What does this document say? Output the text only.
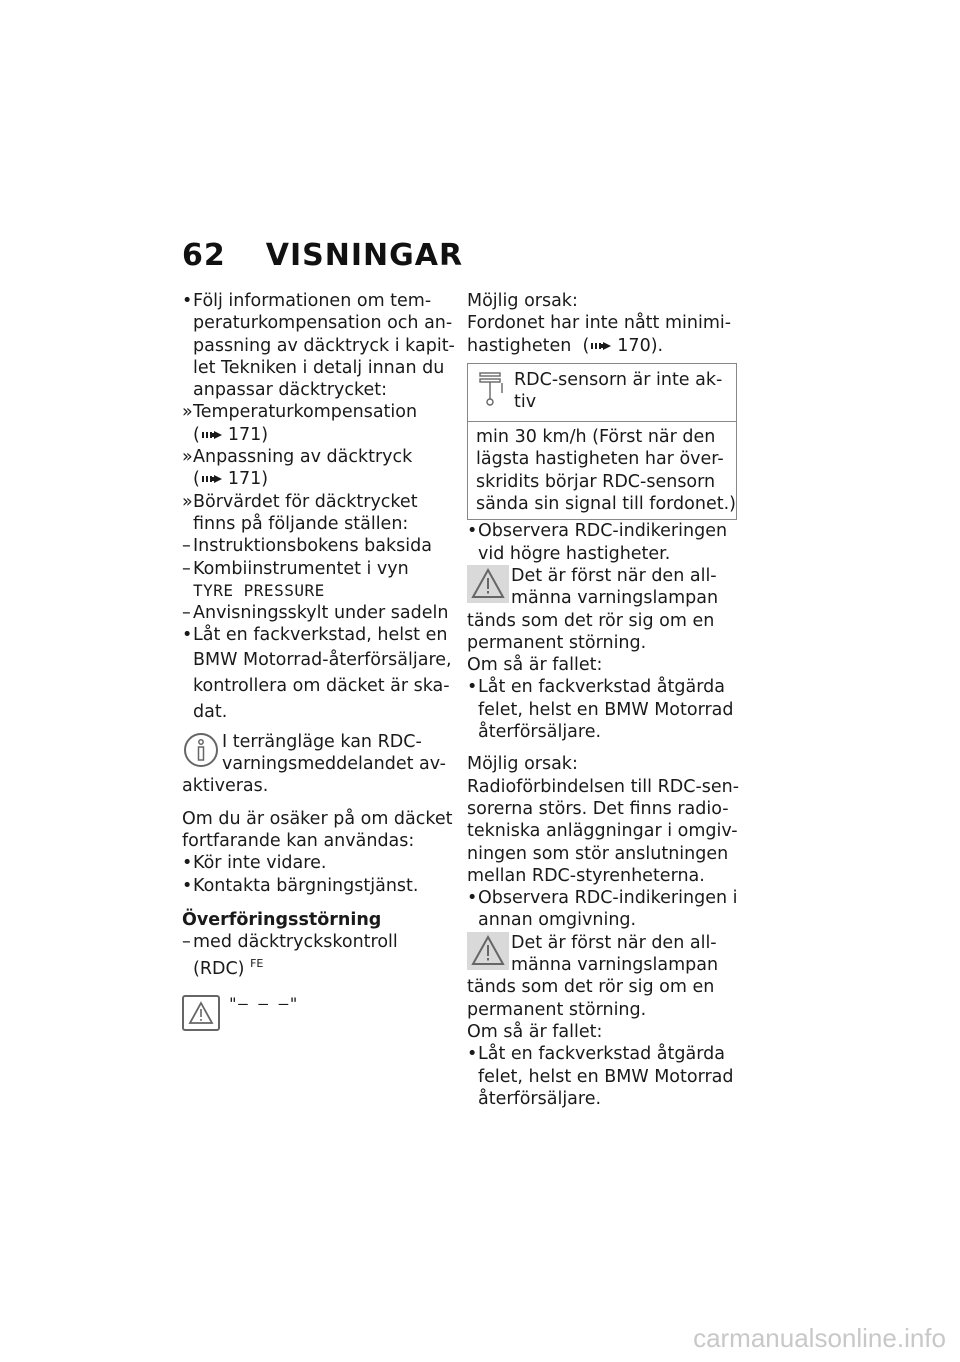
62 VISNINGAR
• Följ informationen om tem-
peraturkompensation och an-
passning av däcktryck i kapit-
let Tekniken i detalj innan du
anpassar däcktrycket:
» Temperaturkompensation
( 171)
» Anpassning av däcktryck
( 171)
» Börvärdet för däcktrycket
finns på följande ställen:
– Instruktionsbokens baksida
– Kombiinstrumentet i vyn
TYRE PRESSURE
– Anvisningsskylt under sadeln
• Låt en fackverkstad, helst en
BMW Motorrad-återförsäljare,
kontrollera om däcket är ska-
dat.
I terrängläge kan RDC-
varningsmeddelandet av-
aktiveras.
Om du är osäker på om däcket
fortfarande kan användas:
• Kör inte vidare.
• Kontakta bärgningstjänst.
Överföringsstörning
– med däcktryckskontroll
(RDC) $^{FE}$
"– – –"
Möjlig orsak:
Fordonet har inte nått minimi-
hastigheten  ( 170).
RDC-sensorn är inte ak-
tiv
min 30 km/h (Först när den
lägsta hastigheten har över-
skridits börjar RDC-sensorn
sända sin signal till fordonet.)
• Observera RDC-indikeringen
vid högre hastigheter.
Det är först när den all-
männa varningslampan
tänds som det rör sig om en
permanent störning.
Om så är fallet:
• Låt en fackverkstad åtgärda
felet, helst en BMW Motorrad
återförsäljare.
Möjlig orsak:
Radioförbindelsen till RDC-sen-
sorerna störs. Det finns radio-
tekniska anläggningar i omgiv-
ningen som stör anslutningen
mellan RDC-styrenheterna.
• Observera RDC-indikeringen i
annan omgivning.
Det är först när den all-
männa varningslampan
tänds som det rör sig om en
permanent störning.
Om så är fallet:
• Låt en fackverkstad åtgärda
felet, helst en BMW Motorrad
återförsäljare.
carmanualsonline.info
